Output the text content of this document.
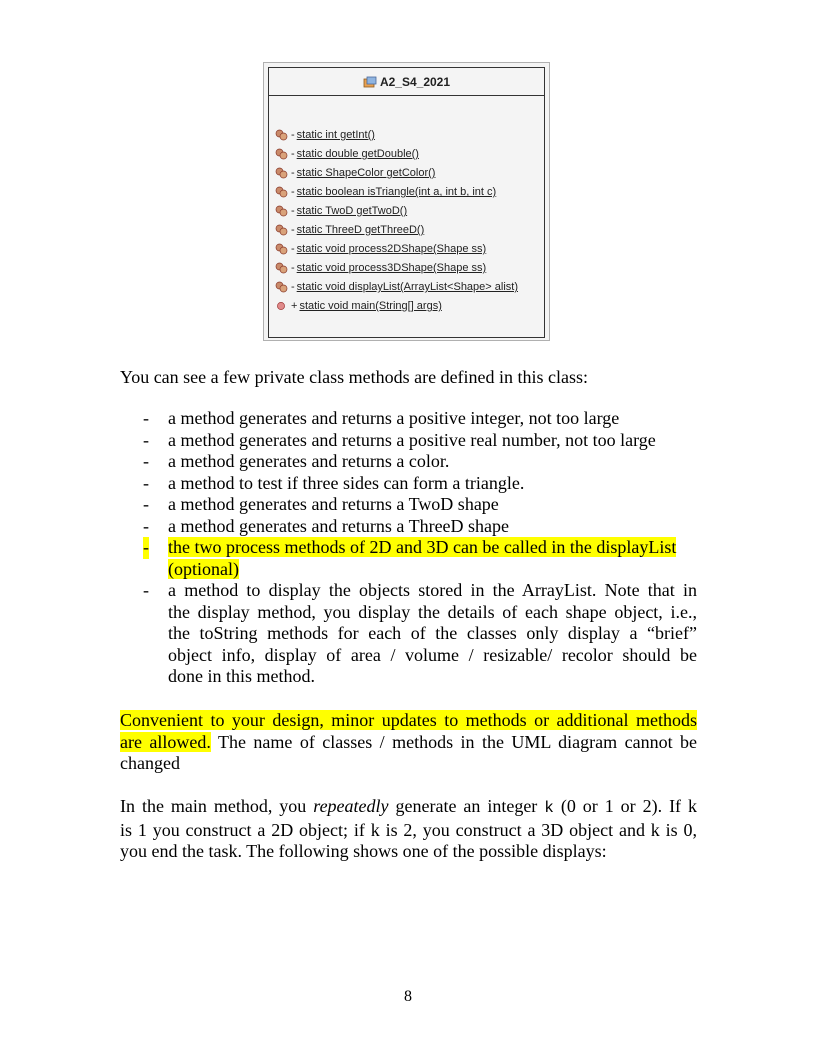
A2_S4_2021
- static int getInt()
- static double getDouble()
- static ShapeColor getColor()
- static boolean isTriangle(int a, int b, int c)
- static TwoD getTwoD()
- static ThreeD getThreeD()
- static void process2DShape(Shape ss)
- static void process3DShape(Shape ss)
- static void displayList(ArrayList<Shape> alist)
+ static void main(String[] args)
You can see a few private class methods are defined in this class:
- a method generates and returns a positive integer, not too large
- a method generates and returns a positive real number, not too large
- a method generates and returns a color.
- a method to test if three sides can form a triangle.
- a method generates and returns a TwoD shape
- a method generates and returns a ThreeD shape
- the two process methods of 2D and 3D can be called in the displayList
(optional)
- a method to display the objects stored in the ArrayList. Note that in
the display method, you display the details of each shape object, i.e.,
the toString methods for each of the classes only display a “brief”
object info, display of area / volume / resizable/ recolor should be
done in this method.
Convenient to your design, minor updates to methods or additional methods
are allowed. The name of classes / methods in the UML diagram cannot be
changed
In the main method, you repeatedly generate an integer k (0 or 1 or 2). If k
is 1 you construct a 2D object; if k is 2, you construct a 3D object and k is 0,
you end the task. The following shows one of the possible displays:
8
